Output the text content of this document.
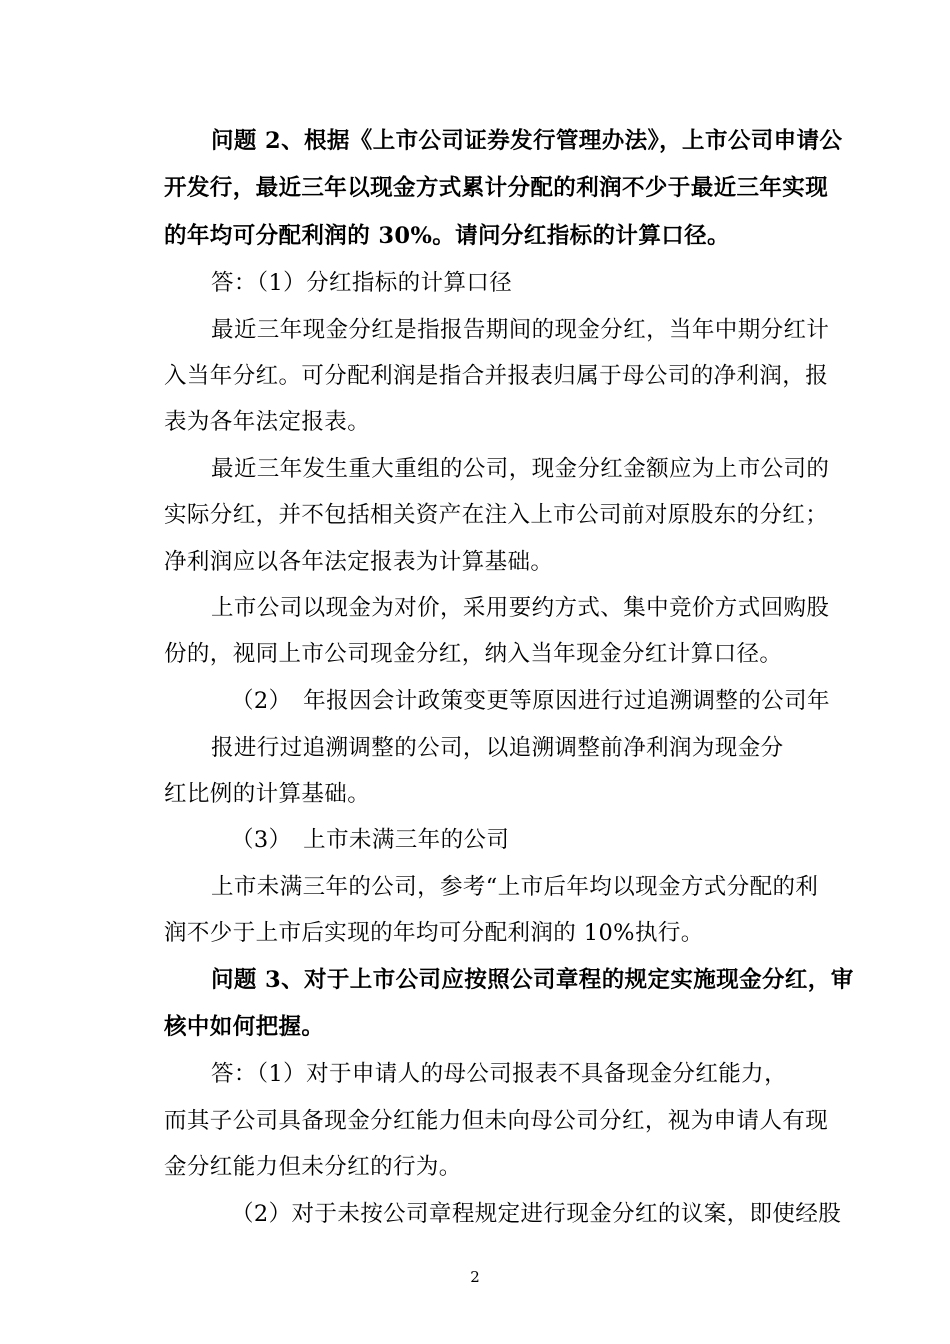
问题 2、根据《上市公司证券发行管理办法》，上市公司申请公
开发行，最近三年以现金方式累计分配的利润不少于最近三年实现
的年均可分配利润的 30%。请问分红指标的计算口径。
答：（1）分红指标的计算口径
最近三年现金分红是指报告期间的现金分红，当年中期分红计
入当年分红。可分配利润是指合并报表归属于母公司的净利润，报
表为各年法定报表。
最近三年发生重大重组的公司，现金分红金额应为上市公司的
实际分红，并不包括相关资产在注入上市公司前对原股东的分红；
净利润应以各年法定报表为计算基础。
上市公司以现金为对价，采用要约方式、集中竞价方式回购股
份的，视同上市公司现金分红，纳入当年现金分红计算口径。
（2）　年报因会计政策变更等原因进行过追溯调整的公司年
报进行过追溯调整的公司，以追溯调整前净利润为现金分
红比例的计算基础。
（3）　上市未满三年的公司
上市未满三年的公司，参考“上市后年均以现金方式分配的利
润不少于上市后实现的年均可分配利润的 10%执行。
问题 3、对于上市公司应按照公司章程的规定实施现金分红，审
核中如何把握。
答：（1）对于申请人的母公司报表不具备现金分红能力，
而其子公司具备现金分红能力但未向母公司分红，视为申请人有现
金分红能力但未分红的行为。
（2）对于未按公司章程规定进行现金分红的议案，即使经股
2
